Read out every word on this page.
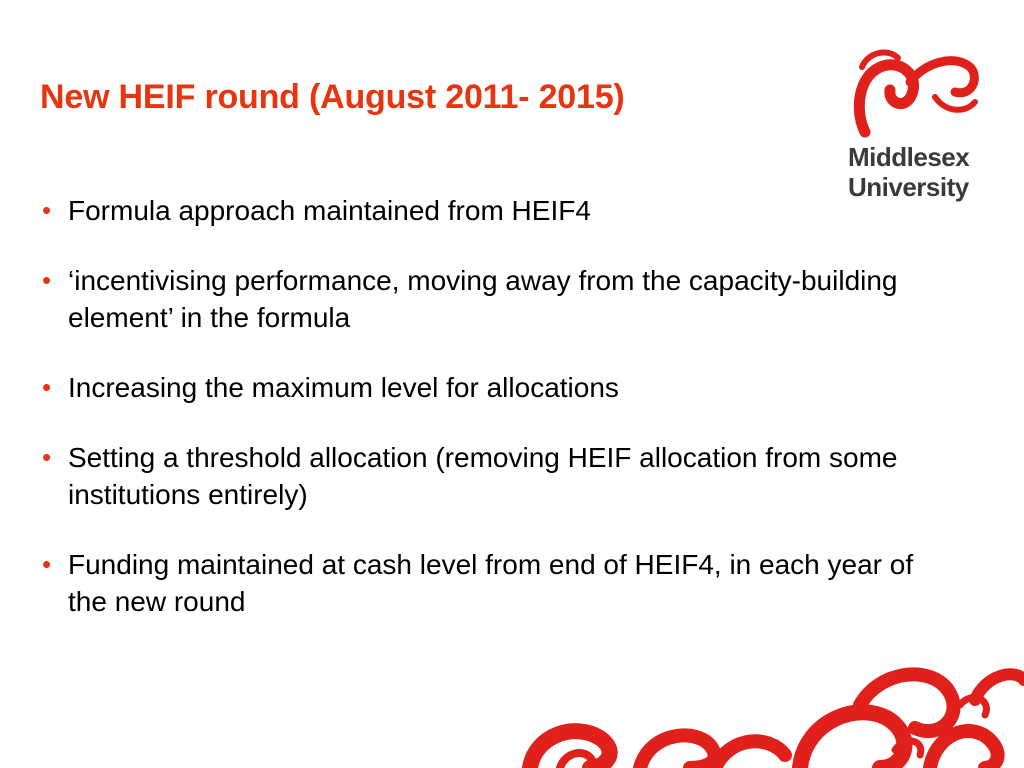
New HEIF round (August 2011- 2015)
• Formula approach maintained from HEIF4
• ‘incentivising performance, moving away from the capacity-building element’ in the formula
• Increasing the maximum level for allocations
• Setting a threshold allocation (removing HEIF allocation from some institutions entirely)
• Funding maintained at cash level from end of HEIF4, in each year of the new round
Middlesex
University
